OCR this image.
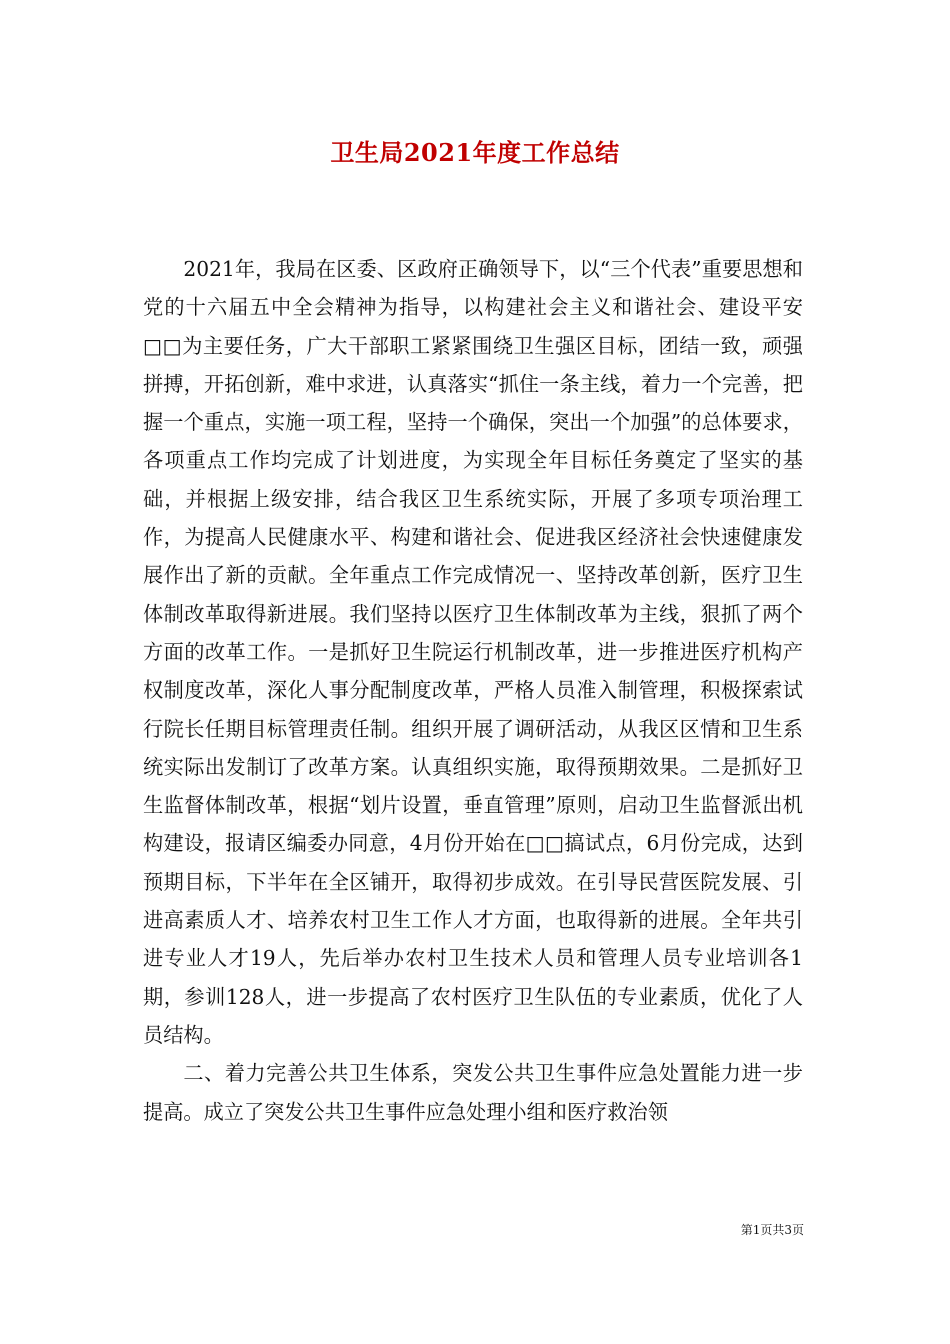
卫生局2021年度工作总结

2021年，我局在区委、区政府正确领导下，以“三个代表”重要思想和党的十六届五中全会精神为指导，以构建社会主义和谐社会、建设平安□□为主要任务，广大干部职工紧紧围绕卫生强区目标，团结一致，顽强拼搏，开拓创新，难中求进，认真落实“抓住一条主线，着力一个完善，把握一个重点，实施一项工程，坚持一个确保，突出一个加强”的总体要求，各项重点工作均完成了计划进度，为实现全年目标任务奠定了坚实的基础，并根据上级安排，结合我区卫生系统实际，开展了多项专项治理工作，为提高人民健康水平、构建和谐社会、促进我区经济社会快速健康发展作出了新的贡献。全年重点工作完成情况一、坚持改革创新，医疗卫生体制改革取得新进展。我们坚持以医疗卫生体制改革为主线，狠抓了两个方面的改革工作。一是抓好卫生院运行机制改革，进一步推进医疗机构产权制度改革，深化人事分配制度改革，严格人员准入制管理，积极探索试行院长任期目标管理责任制。组织开展了调研活动，从我区区情和卫生系统实际出发制订了改革方案。认真组织实施，取得预期效果。二是抓好卫生监督体制改革，根据“划片设置，垂直管理”原则，启动卫生监督派出机构建设，报请区编委办同意，4月份开始在□□搞试点，6月份完成，达到预期目标，下半年在全区铺开，取得初步成效。在引导民营医院发展、引进高素质人才、培养农村卫生工作人才方面，也取得新的进展。全年共引进专业人才19人，先后举办农村卫生技术人员和管理人员专业培训各1期，参训128人，进一步提高了农村医疗卫生队伍的专业素质，优化了人员结构。

二、着力完善公共卫生体系，突发公共卫生事件应急处置能力进一步提高。成立了突发公共卫生事件应急处理小组和医疗救治领

第1页共3页
